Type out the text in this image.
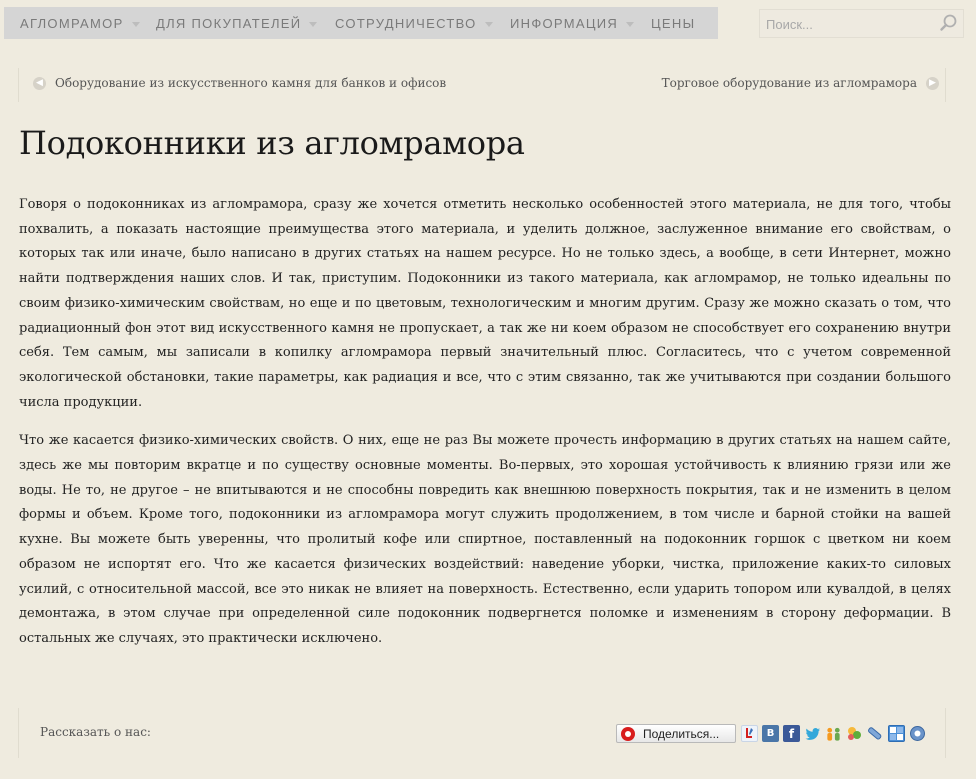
АГЛОМРАМОР ДЛЯ ПОКУПАТЕЛЕЙ	СОТРУДНИЧЕСТВО	ИНФОРМАЦИЯ	ЦЕНЫ
Поиск...
◀ Оборудование из искусственного камня для банков и офисов	Торговое оборудование из агломрамора	▶
Подоконники из агломрамора

Говоря о подоконниках из агломрамора, сразу же хочется отметить несколько особенностей этого материала, не для того, чтобы похвалить, а показать настоящие преимущества этого материала, и уделить должное, заслуженное внимание его свойствам, о которых так или иначе, было написано в других статьях на нашем ресурсе. Но не только здесь, а вообще, в сети Интернет, можно найти подтверждения наших слов. И так, приступим. Подоконники из такого материала, как агломрамор, не только идеальны по своим физико-химическим свойствам, но еще и по цветовым, технологическим и многим другим. Сразу же можно сказать о том, что радиационный фон этот вид искусственного камня не пропускает, а так же ни коем образом не способствует его сохранению внутри себя. Тем самым, мы записали в копилку агломрамора первый значительный плюс. Согласитесь, что с учетом современной экологической обстановки, такие параметры, как радиация и все, что с этим связанно, так же учитываются при создании большого числа продукции.

Что же касается физико-химических свойств. О них, еще не раз Вы можете прочесть информацию в других статьях на нашем сайте, здесь же мы повторим вкратце и по существу основные моменты. Во-первых, это хорошая устойчивость к влиянию грязи или же воды. Не то, не другое – не впитываются и не способны повредить как внешнюю поверхность покрытия, так и не изменить в целом формы и объем. Кроме того, подоконники из агломрамора могут служить продолжением, в том числе и барной стойки на вашей кухне. Вы можете быть уверенны, что пролитый кофе или спиртное, поставленный на подоконник горшок с цветком ни коем образом не испортят его. Что же касается физических воздействий: наведение уборки, чистка, приложение каких-то силовых усилий, с относительной массой, все это никак не влияет на поверхность. Естественно, если ударить топором или кувалдой, в целях демонтажа, в этом случае при определенной силе подоконник подвергнется поломке и изменениям в сторону деформации. В остальных же случаях, это практически исключено.

Рассказать о нас:	Поделиться...	В	f
